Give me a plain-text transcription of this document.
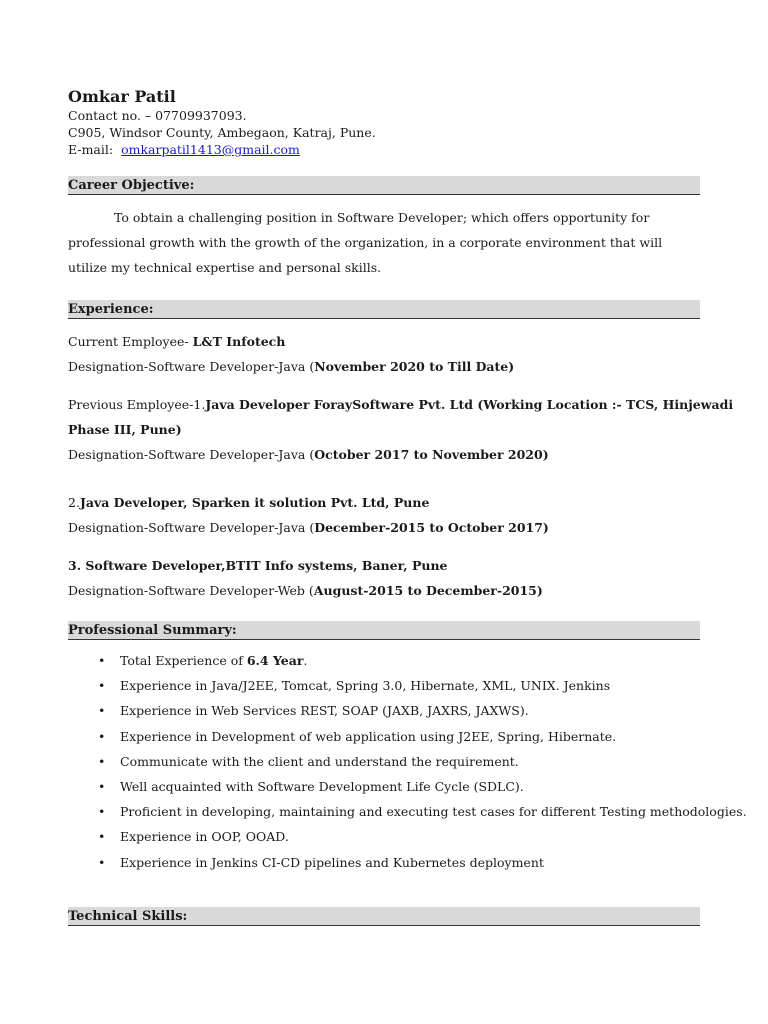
Omkar Patil
Contact no. – 07709937093.
C905, Windsor County, Ambegaon, Katraj, Pune.
E-mail: omkarpatil1413@gmail.com
Career Objective:
To obtain a challenging position in Software Developer; which offers opportunity for professional growth with the growth of the organization, in a corporate environment that will utilize my technical expertise and personal skills.
Experience:
Current Employee- L&T Infotech
Designation-Software Developer-Java (November 2020 to Till Date)
Previous Employee-1.Java Developer ForaySoftware Pvt. Ltd (Working Location :- TCS, Hinjewadi
Phase III, Pune)
Designation-Software Developer-Java (October 2017 to November 2020)
2.Java Developer, Sparken it solution Pvt. Ltd, Pune
Designation-Software Developer-Java (December-2015 to October 2017)
3. Software Developer,BTIT Info systems, Baner, Pune
Designation-Software Developer-Web (August-2015 to December-2015)
Professional Summary:
• Total Experience of 6.4 Year.
• Experience in Java/J2EE, Tomcat, Spring 3.0, Hibernate, XML, UNIX. Jenkins
• Experience in Web Services REST, SOAP (JAXB, JAXRS, JAXWS).
• Experience in Development of web application using J2EE, Spring, Hibernate.
• Communicate with the client and understand the requirement.
• Well acquainted with Software Development Life Cycle (SDLC).
• Proficient in developing, maintaining and executing test cases for different Testing methodologies.
• Experience in OOP, OOAD.
• Experience in Jenkins CI-CD pipelines and Kubernetes deployment
Technical Skills:
